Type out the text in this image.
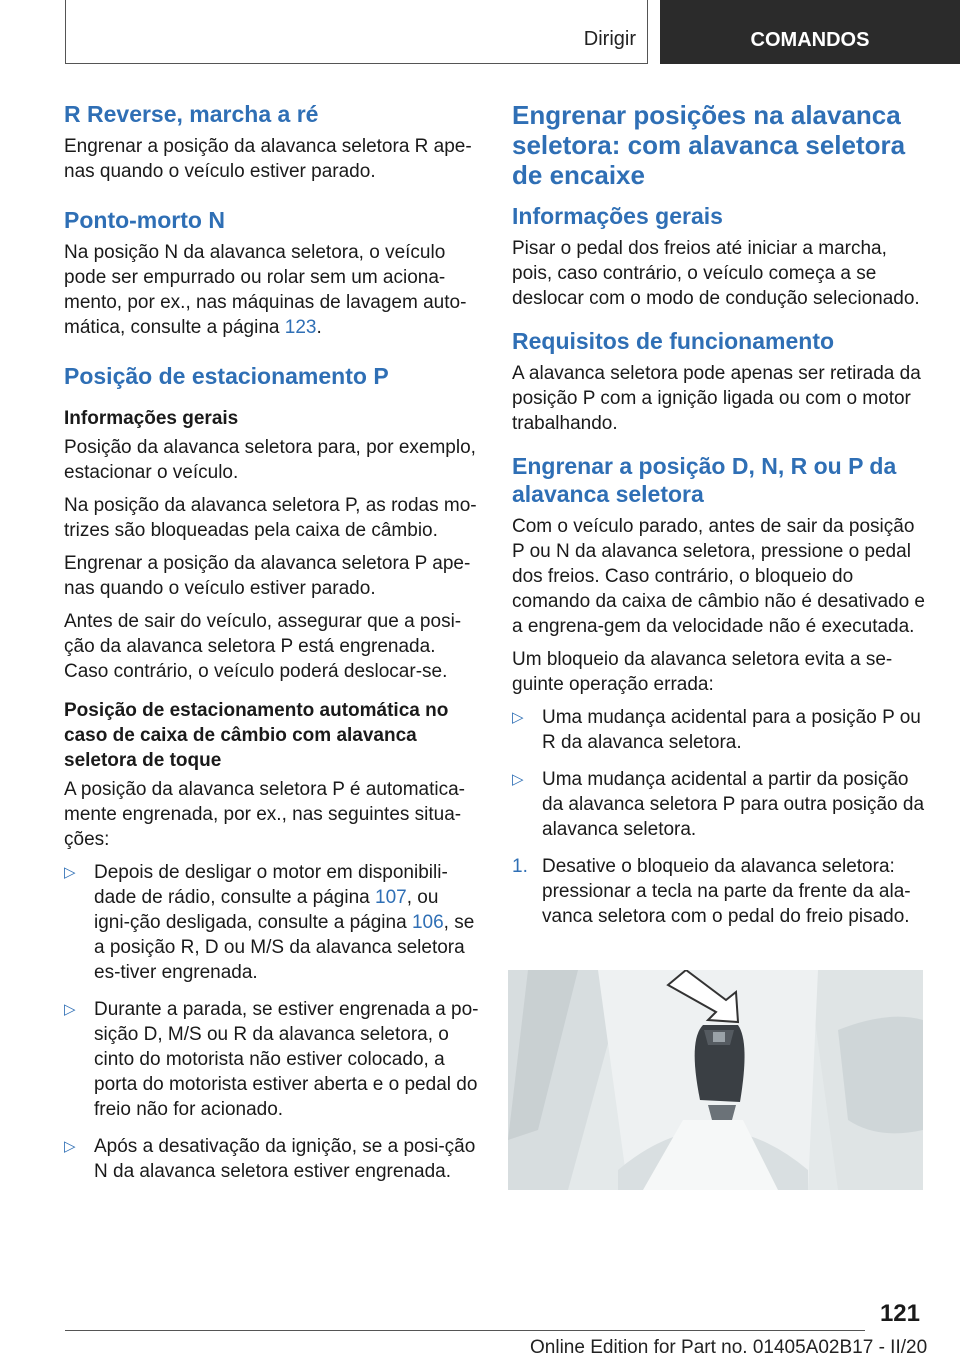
Dirigir	COMANDOS
R Reverse, marcha a ré

Engrenar a posição da alavanca seletora R ape-nas quando o veículo estiver parado.

Ponto-morto N

Na posição N da alavanca seletora, o veículo pode ser empurrado ou rolar sem um aciona-mento, por ex., nas máquinas de lavagem auto-mática, consulte a página 123.

Posição de estacionamento P
Informações gerais

Posição da alavanca seletora para, por exemplo, estacionar o veículo.

Na posição da alavanca seletora P, as rodas mo-trizes são bloqueadas pela caixa de câmbio.

Engrenar a posição da alavanca seletora P ape-nas quando o veículo estiver parado.

Antes de sair do veículo, assegurar que a posi-ção da alavanca seletora P está engrenada. Caso contrário, o veículo poderá deslocar-se.

Posição de estacionamento automática no caso de caixa de câmbio com alavanca seletora de toque

A posição da alavanca seletora P é automatica-mente engrenada, por ex., nas seguintes situa-ções:

▷ Depois de desligar o motor em disponibili-dade de rádio, consulte a página 107, ou igni-ção desligada, consulte a página 106, se a posição R, D ou M/S da alavanca seletora es-tiver engrenada.
▷ Durante a parada, se estiver engrenada a po-sição D, M/S ou R da alavanca seletora, o cinto do motorista não estiver colocado, a porta do motorista estiver aberta e o pedal do freio não for acionado.
▷ Após a desativação da ignição, se a posi-ção N da alavanca seletora estiver engrenada.
Engrenar posições na alavanca seletora: com alavanca seletora de encaixe
Informações gerais

Pisar o pedal dos freios até iniciar a marcha, pois, caso contrário, o veículo começa a se deslocar com o modo de condução selecionado.

Requisitos de funcionamento

A alavanca seletora pode apenas ser retirada da posição P com a ignição ligada ou com o motor trabalhando.

Engrenar a posição D, N, R ou P da alavanca seletora

Com o veículo parado, antes de sair da posição P ou N da alavanca seletora, pressione o pedal dos freios. Caso contrário, o bloqueio do comando da caixa de câmbio não é desativado e a engrena-gem da velocidade não é executada.

Um bloqueio da alavanca seletora evita a se-guinte operação errada:

▷ Uma mudança acidental para a posição P ou R da alavanca seletora.
▷ Uma mudança acidental a partir da posição da alavanca seletora P para outra posição da alavanca seletora.
1. Desative o bloqueio da alavanca seletora: pressionar a tecla na parte da frente da ala-vanca seletora com o pedal do freio pisado.
121
Online Edition for Part no. 01405A02B17 - II/20
